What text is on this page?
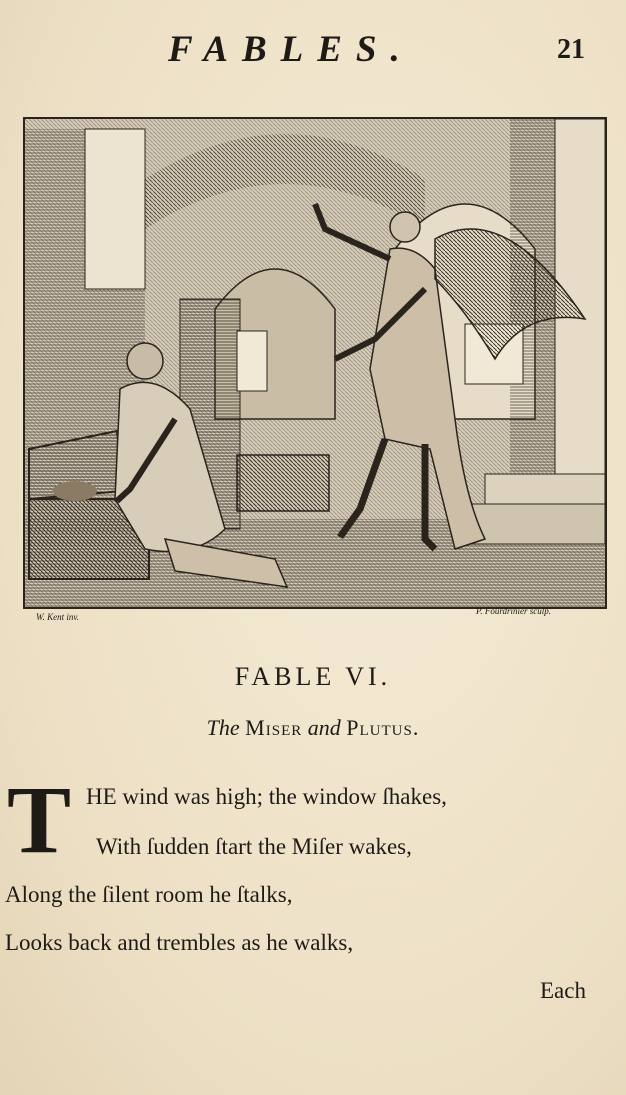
FABLES.	21
W. Kent inv.
P. Fourdrinier sculp.
FABLE VI.
The Miser and Plutus.
T HE wind was high; the window ſhakes,
With ſudden ſtart the Miſer wakes,
Along the ſilent room he ſtalks,
Looks back and trembles as he walks,
Each
